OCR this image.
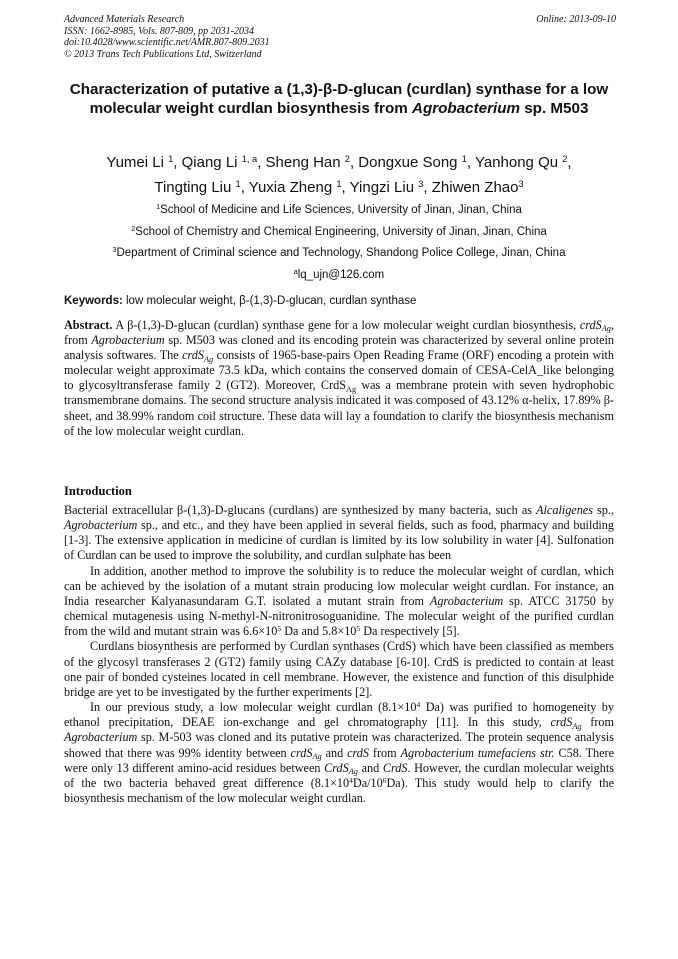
Advanced Materials Research
ISSN: 1662-8985, Vols. 807-809, pp 2031-2034
doi:10.4028/www.scientific.net/AMR.807-809.2031
© 2013 Trans Tech Publications Ltd, Switzerland
Online: 2013-09-10
Characterization of putative a (1,3)-β-D-glucan (curdlan) synthase for a low molecular weight curdlan biosynthesis from Agrobacterium sp. M503
Yumei Li $^1$, Qiang Li $^{1, a}$, Sheng Han $^2$, Dongxue Song $^1$, Yanhong Qu $^2$,
Tingting Liu $^1$, Yuxia Zheng $^1$, Yingzi Liu $^3$, Zhiwen Zhao$^3$
$^1$School of Medicine and Life Sciences, University of Jinan, Jinan, China
$^2$School of Chemistry and Chemical Engineering, University of Jinan, Jinan, China
$^3$Department of Criminal science and Technology, Shandong Police College, Jinan, China
$^a$lq_ujn@126.com
Keywords: low molecular weight, β-(1,3)-D-glucan, curdlan synthase
Abstract. A β-(1,3)-D-glucan (curdlan) synthase gene for a low molecular weight curdlan biosynthesis, crdS$_{Ag}$, from Agrobacterium sp. M503 was cloned and its encoding protein was characterized by several online protein analysis softwares. The crdS$_{Ag}$ consists of 1965-base-pairs Open Reading Frame (ORF) encoding a protein with molecular weight approximate 73.5 kDa, which contains the conserved domain of CESA-CelA_like belonging to glycosyltransferase family 2 (GT2). Moreover, CrdS$_{Ag}$ was a membrane protein with seven hydrophobic transmembrane domains. The second structure analysis indicated it was composed of 43.12% α-helix, 17.89% β-sheet, and 38.99% random coil structure. These data will lay a foundation to clarify the biosynthesis mechanism of the low molecular weight curdlan.
Introduction

Bacterial extracellular β-(1,3)-D-glucans (curdlans) are synthesized by many bacteria, such as Alcaligenes sp., Agrobacterium sp., and etc., and they have been applied in several fields, such as food, pharmacy and building [1-3]. The extensive application in medicine of curdlan is limited by its low solubility in water [4]. Sulfonation of Curdlan can be used to improve the solubility, and curdlan sulphate has been

In addition, another method to improve the solubility is to reduce the molecular weight of curdlan, which can be achieved by the isolation of a mutant strain producing low molecular weight curdlan. For instance, an India researcher Kalyanasundaram G.T. isolated a mutant strain from Agrobacterium sp. ATCC 31750 by chemical mutagenesis using N-methyl-N-nitronitrosoguanidine. The molecular weight of the purified curdlan from the wild and mutant strain was $6.6\times 10^5$ Da and $5.8\times 10^5$ Da respectively [5].

Curdlans biosynthesis are performed by Curdlan synthases (CrdS) which have been classified as members of the glycosyl transferases 2 (GT2) family using CAZy database [6-10]. CrdS is predicted to contain at least one pair of bonded cysteines located in cell membrane. However, the existence and function of this disulphide bridge are yet to be investigated by the further experiments [2].

In our previous study, a low molecular weight curdlan ($8.1\times 10^4$ Da) was purified to homogeneity by ethanol precipitation, DEAE ion-exchange and gel chromatography [11]. In this study, crdS$_{Ag}$ from Agrobacterium sp. M-503 was cloned and its putative protein was characterized. The protein sequence analysis showed that there was 99% identity between crdS$_{Ag}$ and crdS from Agrobacterium tumefaciens str. C58. There were only 13 different amino-acid residues between CrdS$_{Ag}$ and CrdS. However, the curdlan molecular weights of the two bacteria behaved great difference $(8.1\times 10^4Da/10^6Da)$. This study would help to clarify the biosynthesis mechanism of the low molecular weight curdlan.
